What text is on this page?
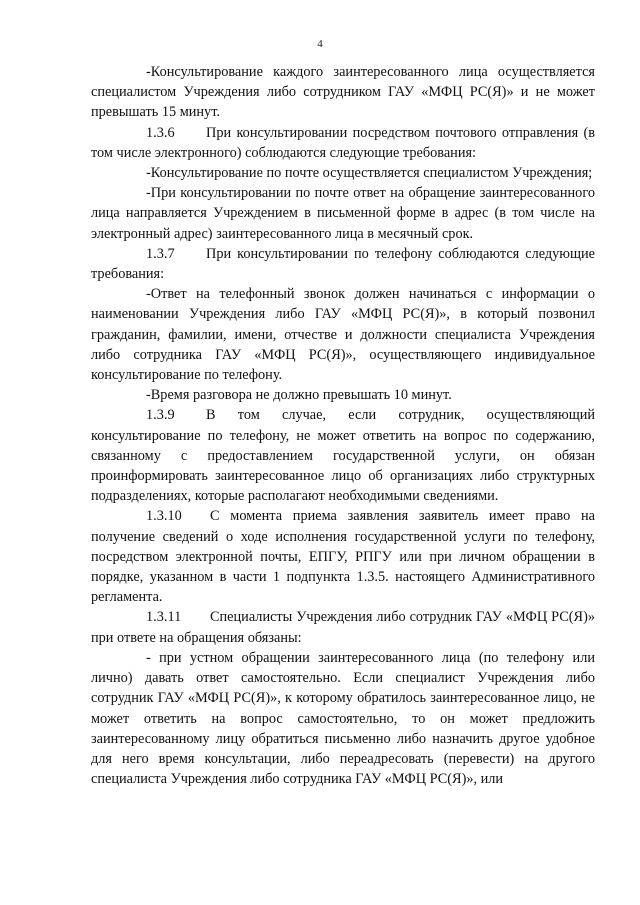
4

-Консультирование каждого заинтересованного лица осуществляется специалистом Учреждения либо сотрудником ГАУ «МФЦ РС(Я)» и не может превышать 15 минут.

1.3.6 При консультировании посредством почтового отправления (в том числе электронного) соблюдаются следующие требования:

-Консультирование по почте осуществляется специалистом Учреждения;

-При консультировании по почте ответ на обращение заинтересованного лица направляется Учреждением в письменной форме в адрес (в том числе на электронный адрес) заинтересованного лица в месячный срок.

1.3.7 При консультировании по телефону соблюдаются следующие требования:

-Ответ на телефонный звонок должен начинаться с информации о наименовании Учреждения либо ГАУ «МФЦ РС(Я)», в который позвонил гражданин, фамилии, имени, отчестве и должности специалиста Учреждения либо сотрудника ГАУ «МФЦ РС(Я)», осуществляющего индивидуальное консультирование по телефону.

-Время разговора не должно превышать 10 минут.

1.3.9 В том случае, если сотрудник, осуществляющий консультирование по телефону, не может ответить на вопрос по содержанию, связанному с предоставлением государственной услуги, он обязан проинформировать заинтересованное лицо об организациях либо структурных подразделениях, которые располагают необходимыми сведениями.

1.3.10 С момента приема заявления заявитель имеет право на получение сведений о ходе исполнения государственной услуги по телефону, посредством электронной почты, ЕПГУ, РПГУ или при личном обращении в порядке, указанном в части 1 подпункта 1.3.5. настоящего Административного регламента.

1.3.11 Специалисты Учреждения либо сотрудник ГАУ «МФЦ РС(Я)» при ответе на обращения обязаны:

- при устном обращении заинтересованного лица (по телефону или лично) давать ответ самостоятельно. Если специалист Учреждения либо сотрудник ГАУ «МФЦ РС(Я)», к которому обратилось заинтересованное лицо, не может ответить на вопрос самостоятельно, то он может предложить заинтересованному лицу обратиться письменно либо назначить другое удобное для него время консультации, либо переадресовать (перевести) на другого специалиста Учреждения либо сотрудника ГАУ «МФЦ РС(Я)», или
